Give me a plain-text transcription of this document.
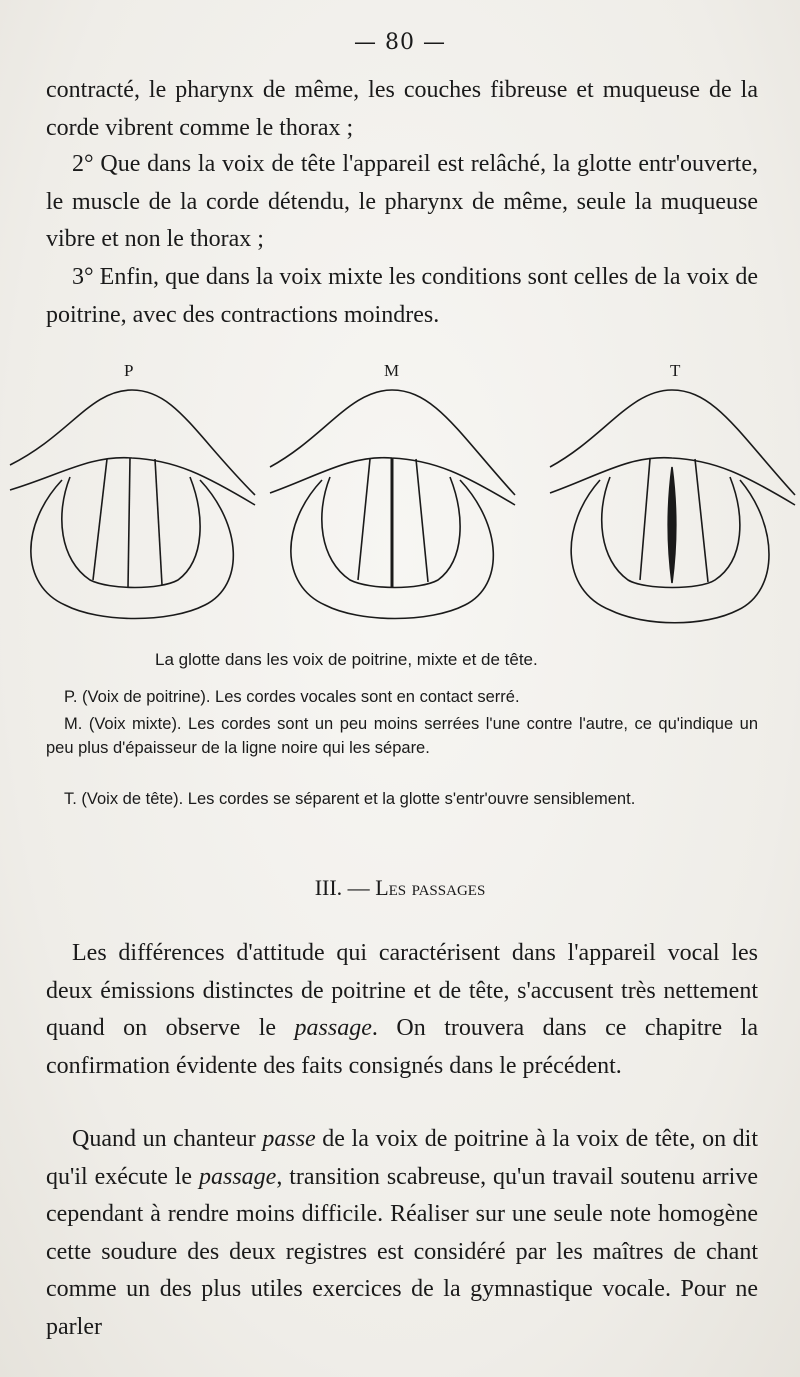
— 80 —

contracté, le pharynx de même, les couches fibreuse et muqueuse de la corde vibrent comme le thorax ;

2° Que dans la voix de tête l'appareil est relâché, la glotte entr'ouverte, le muscle de la corde détendu, le pharynx de même, seule la muqueuse vibre et non le thorax ;

3° Enfin, que dans la voix mixte les conditions sont celles de la voix de poitrine, avec des contractions moindres.

P	M	T
La glotte dans les voix de poitrine, mixte et de tête.

P. (Voix de poitrine). Les cordes vocales sont en contact serré.

M. (Voix mixte). Les cordes sont un peu moins serrées l'une contre l'autre, ce qu'indique un peu plus d'épaisseur de la ligne noire qui les sépare.

T. (Voix de tête). Les cordes se séparent et la glotte s'entr'ouvre sensiblement.

III. — Les passages

Les différences d'attitude qui caractérisent dans l'appareil vocal les deux émissions distinctes de poitrine et de tête, s'accusent très nettement quand on observe le passage. On trouvera dans ce chapitre la confirmation évidente des faits consignés dans le précédent.

Quand un chanteur passe de la voix de poitrine à la voix de tête, on dit qu'il exécute le passage, transition scabreuse, qu'un travail soutenu arrive cependant à rendre moins difficile. Réaliser sur une seule note homogène cette soudure des deux registres est considéré par les maîtres de chant comme un des plus utiles exercices de la gymnastique vocale. Pour ne parler
